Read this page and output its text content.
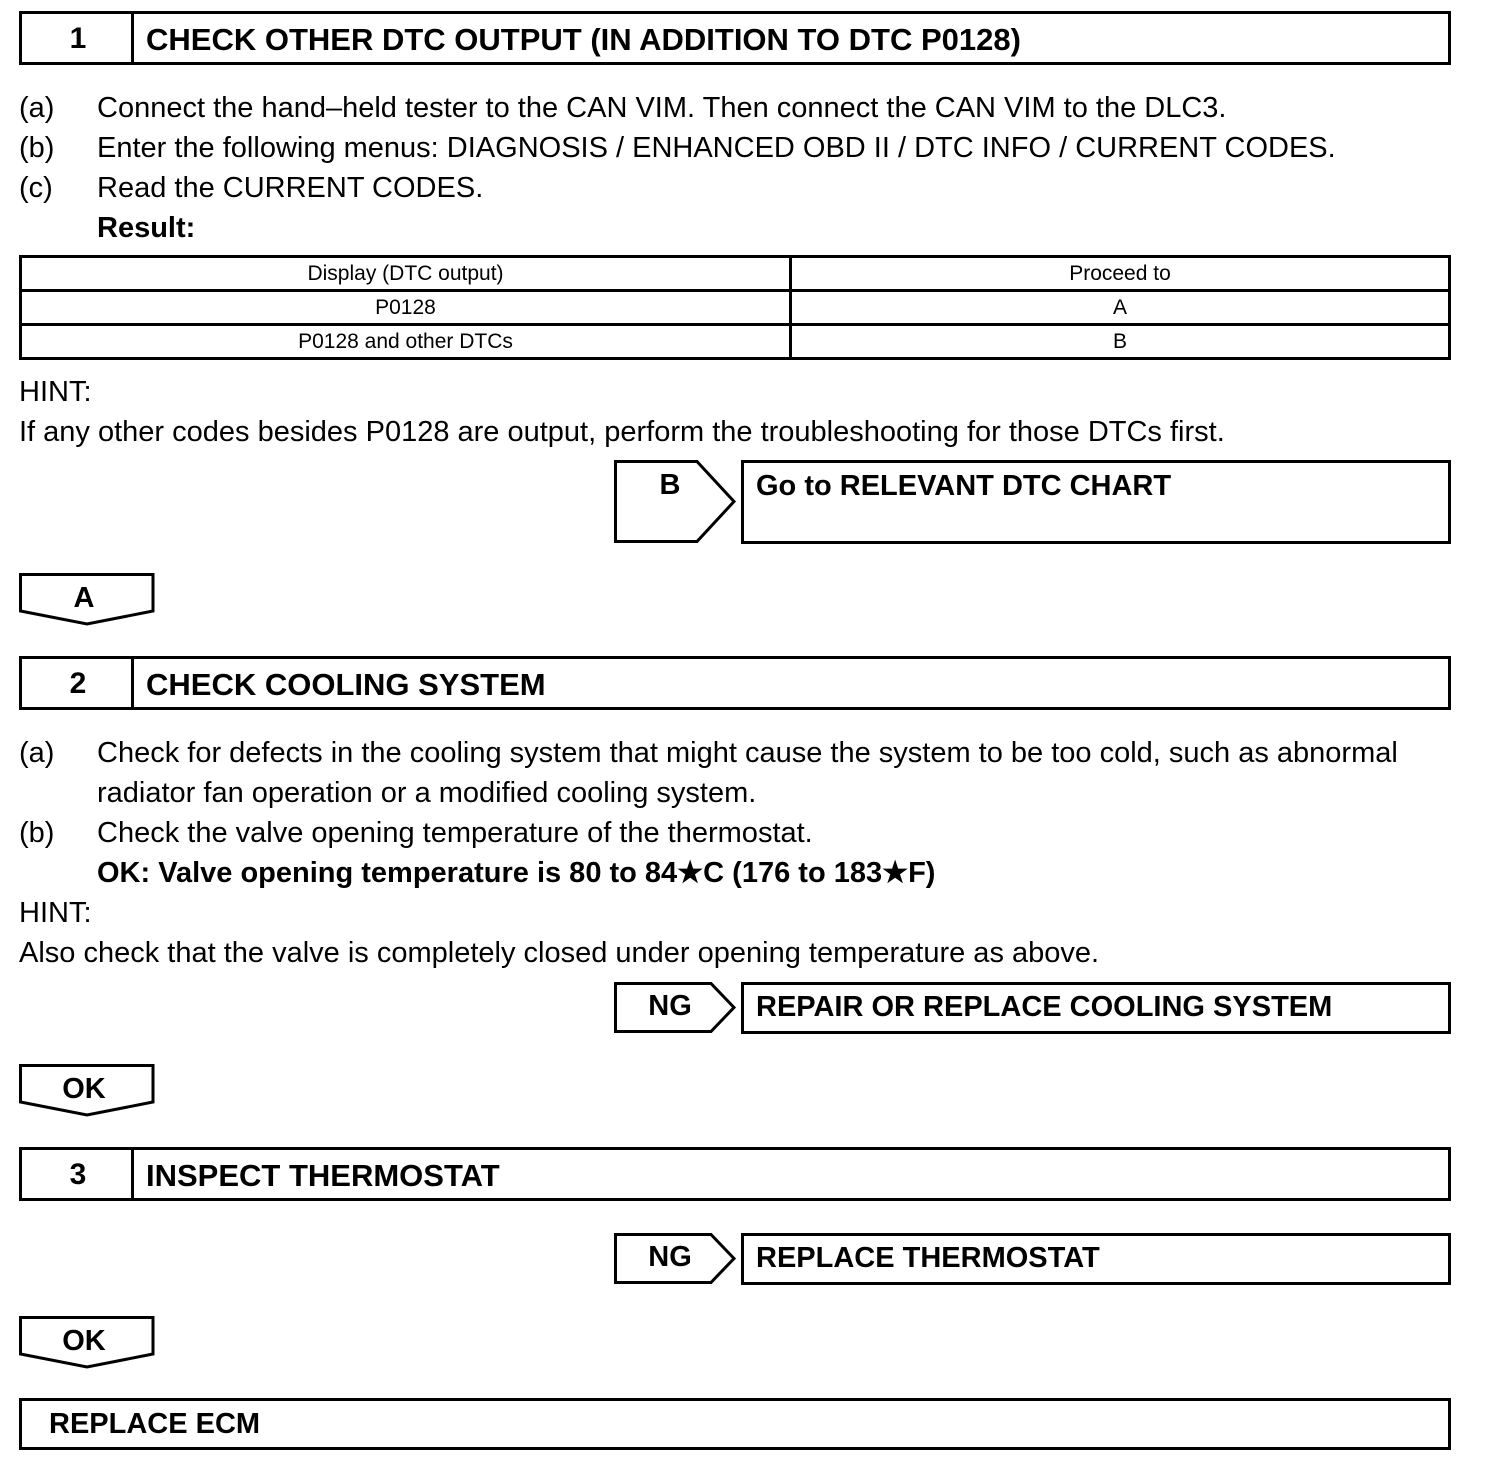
1	CHECK OTHER DTC OUTPUT (IN ADDITION TO DTC P0128)
(a) Connect the hand–held tester to the CAN VIM. Then connect the CAN VIM to the DLC3.
(b) Enter the following menus: DIAGNOSIS / ENHANCED OBD II / DTC INFO / CURRENT CODES.
(c) Read the CURRENT CODES.
Result:
Display (DTC output)	Proceed to
P0128	A
P0128 and other DTCs	B
HINT:
If any other codes besides P0128 are output, perform the troubleshooting for those DTCs first.
B	Go to RELEVANT DTC CHART
A
2	CHECK COOLING SYSTEM
(a) Check for defects in the cooling system that might cause the system to be too cold, such as abnormal
radiator fan operation or a modified cooling system.
(b) Check the valve opening temperature of the thermostat.
OK: Valve opening temperature is 80 to 84★C (176 to 183★F)
HINT:
Also check that the valve is completely closed under opening temperature as above.
NG	REPAIR OR REPLACE COOLING SYSTEM
OK
3	INSPECT THERMOSTAT
NG	REPLACE THERMOSTAT
OK
REPLACE ECM
